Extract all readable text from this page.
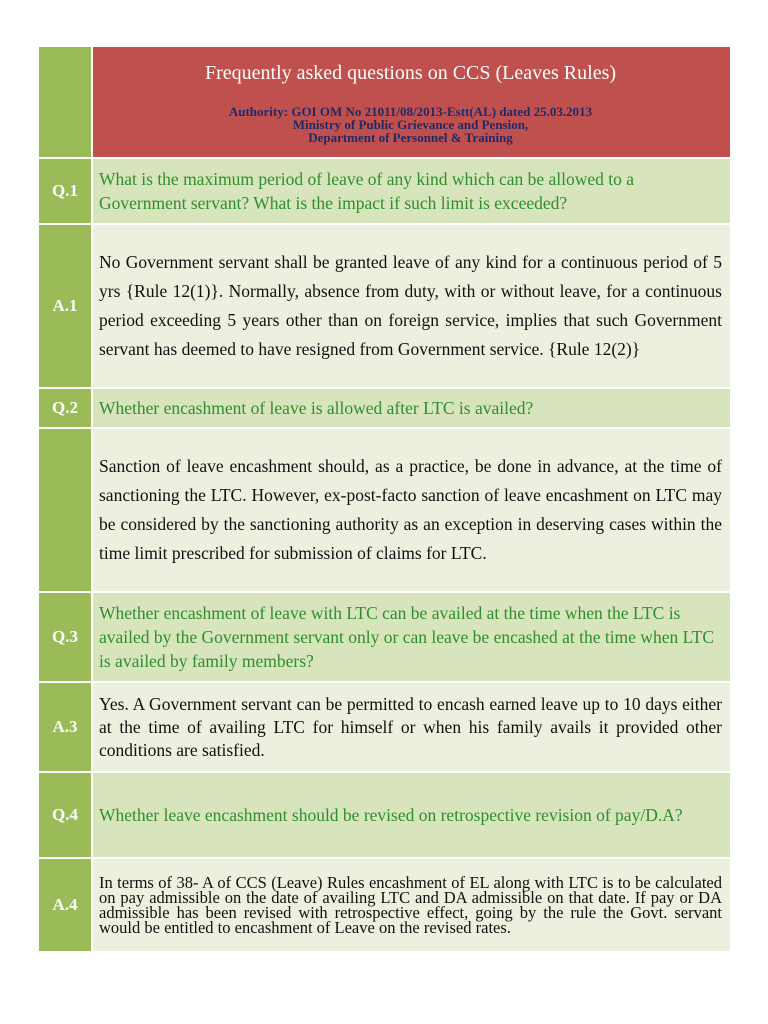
Frequently asked questions on CCS (Leaves Rules)
Authority: GOI OM No 21011/08/2013-Estt(AL) dated 25.03.2013
Ministry of Public Grievance and Pension,
Department of Personnel & Training
Q.1
What is the maximum period of leave of any kind which can be allowed to a Government servant? What is the impact if such limit is exceeded?
A.1
No Government servant shall be granted leave of any kind for a continuous period of 5 yrs {Rule 12(1)}. Normally, absence from duty, with or without leave, for a continuous period exceeding 5 years other than on foreign service, implies that such Government servant has deemed to have resigned from Government service. {Rule 12(2)}
Q.2	Whether encashment of leave is allowed after LTC is availed?
Sanction of leave encashment should, as a practice, be done in advance, at the time of sanctioning the LTC. However, ex-post-facto sanction of leave encashment on LTC may be considered by the sanctioning authority as an exception in deserving cases within the time limit prescribed for submission of claims for LTC.
Q.3
Whether encashment of leave with LTC can be availed at the time when the LTC is availed by the Government servant only or can leave be encashed at the time when LTC is availed by family members?
A.3
Yes. A Government servant can be permitted to encash earned leave up to 10 days either at the time of availing LTC for himself or when his family avails it provided other conditions are satisfied.
Q.4	Whether leave encashment should be revised on retrospective revision of pay/D.A?
A.4
In terms of 38- A of CCS (Leave) Rules encashment of EL along with LTC is to be calculated on pay admissible on the date of availing LTC and DA admissible on that date. If pay or DA admissible has been revised with retrospective effect, going by the rule the Govt. servant would be entitled to encashment of Leave on the revised rates.
